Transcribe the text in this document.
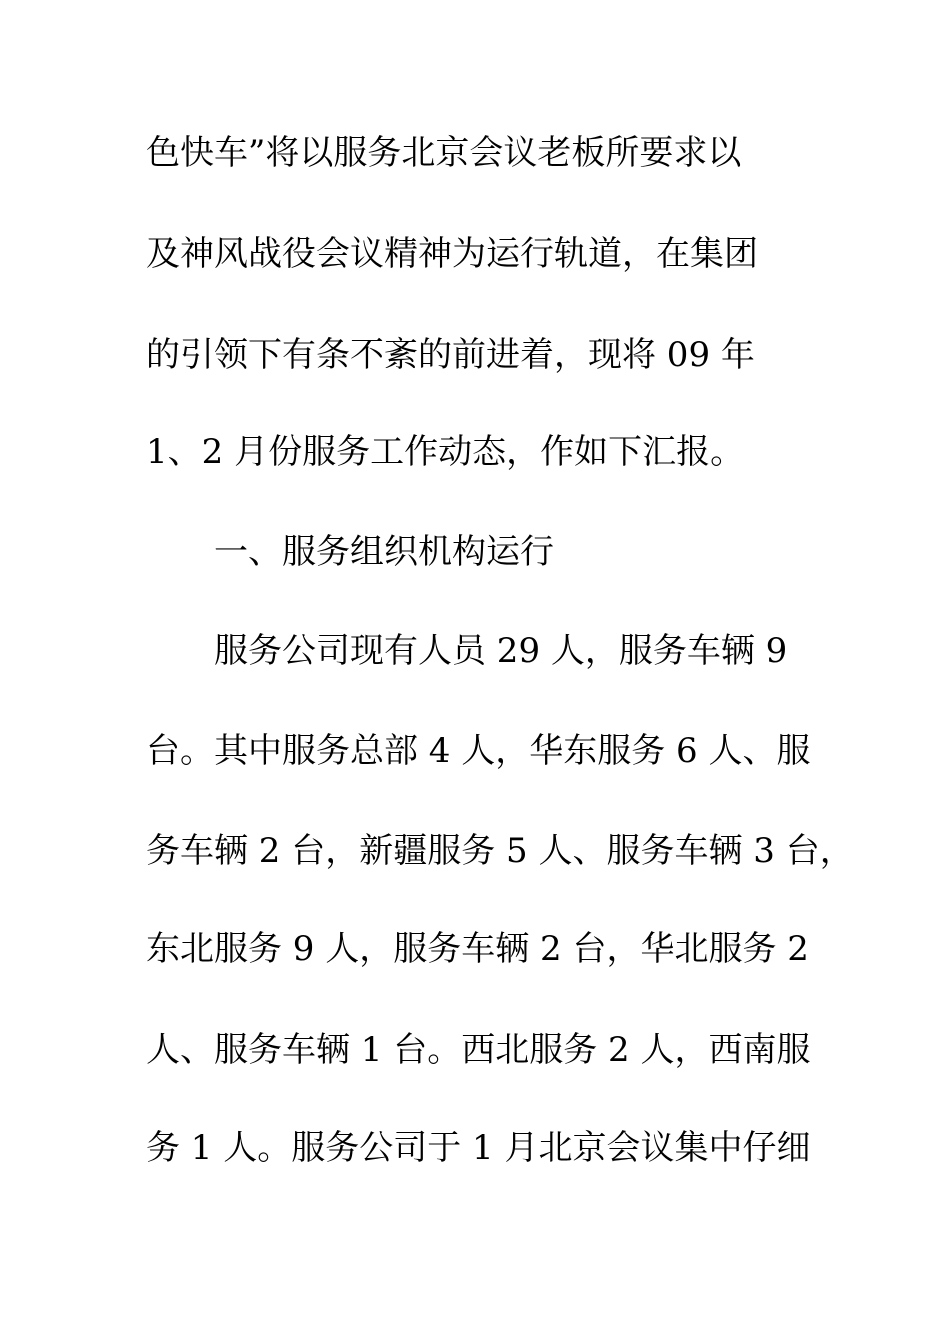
色快车”将以服务北京会议老板所要求以

及神风战役会议精神为运行轨道，在集团

的引领下有条不紊的前进着，现将 09 年

1、2 月份服务工作动态，作如下汇报。

一、服务组织机构运行

服务公司现有人员 29 人，服务车辆 9

台。其中服务总部 4 人，华东服务 6 人、服

务车辆 2 台，新疆服务 5 人、服务车辆 3 台，

东北服务 9 人，服务车辆 2 台，华北服务 2

人、服务车辆 1 台。西北服务 2 人，西南服

务 1 人。服务公司于 1 月北京会议集中仔细
